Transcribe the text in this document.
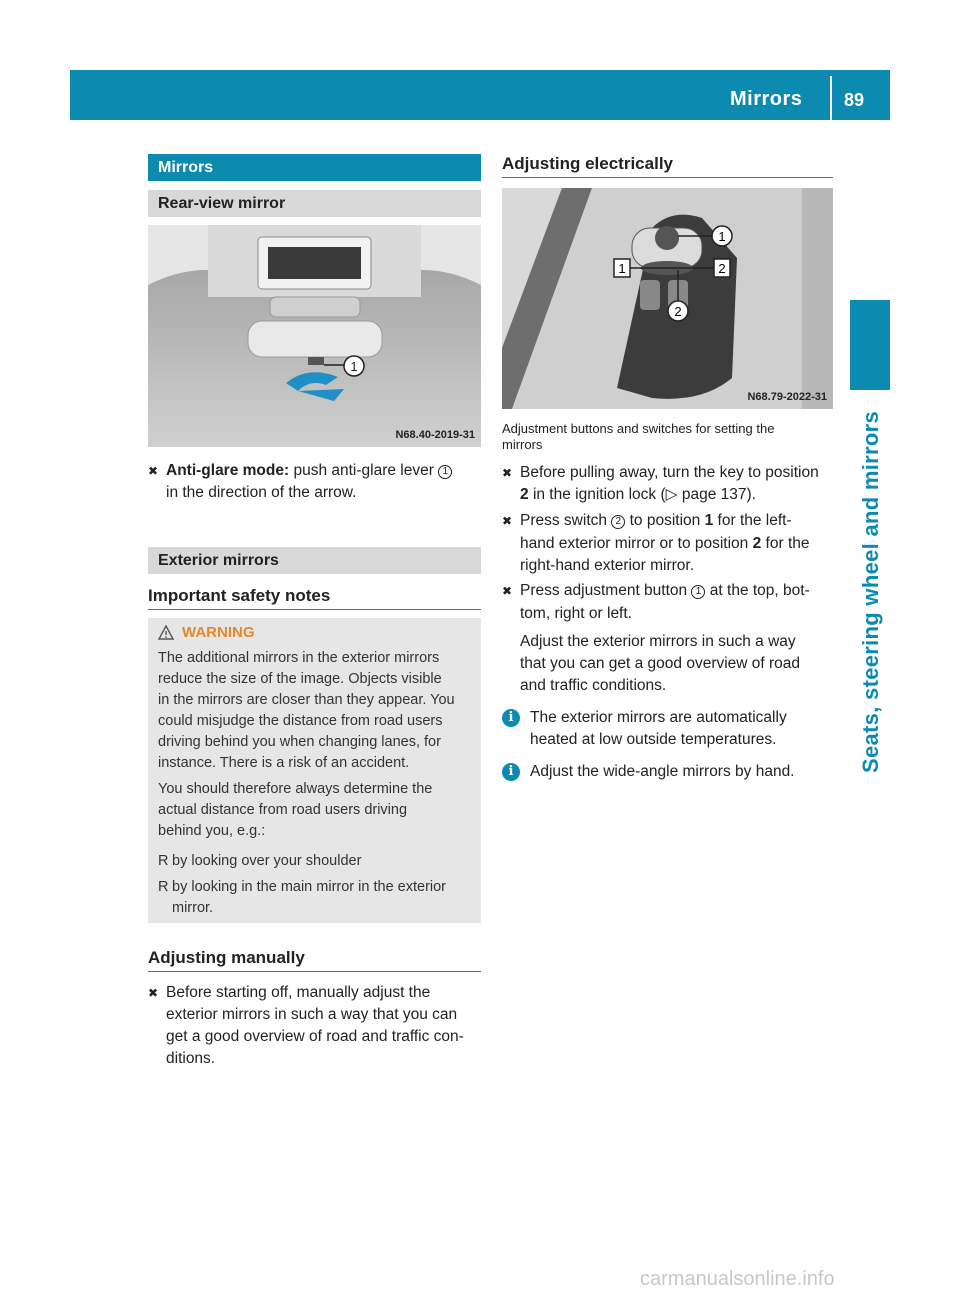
Mirrors 89
Seats, steering wheel and mirrors
Mirrors
Rear-view mirror
1
N68.40-2019-31
✖ Anti-glare mode: push anti-glare lever 1
in the direction of the arrow.
Exterior mirrors
Important safety notes
WARNING
The additional mirrors in the exterior mirrors
reduce the size of the image. Objects visible
in the mirrors are closer than they appear. You
could misjudge the distance from road users
driving behind you when changing lanes, for
instance. There is a risk of an accident.
You should therefore always determine the
actual distance from road users driving
behind you, e.g.:
R by looking over your shoulder
R by looking in the main mirror in the exterior
mirror.
Adjusting manually
✖ Before starting off, manually adjust the
exterior mirrors in such a way that you can
get a good overview of road and traffic con-
ditions.
Adjusting electrically
1
1	2
2
N68.79-2022-31
Adjustment buttons and switches for setting the
mirrors
✖ Before pulling away, turn the key to position
2 in the ignition lock (▷ page 137).
✖ Press switch 2 to position 1 for the left-
hand exterior mirror or to position 2 for the
right-hand exterior mirror.
✖ Press adjustment button 1 at the top, bot-
tom, right or left.
Adjust the exterior mirrors in such a way
that you can get a good overview of road
and traffic conditions.
i	The exterior mirrors are automatically
heated at low outside temperatures.
i	Adjust the wide-angle mirrors by hand.
carmanualsonline.info
